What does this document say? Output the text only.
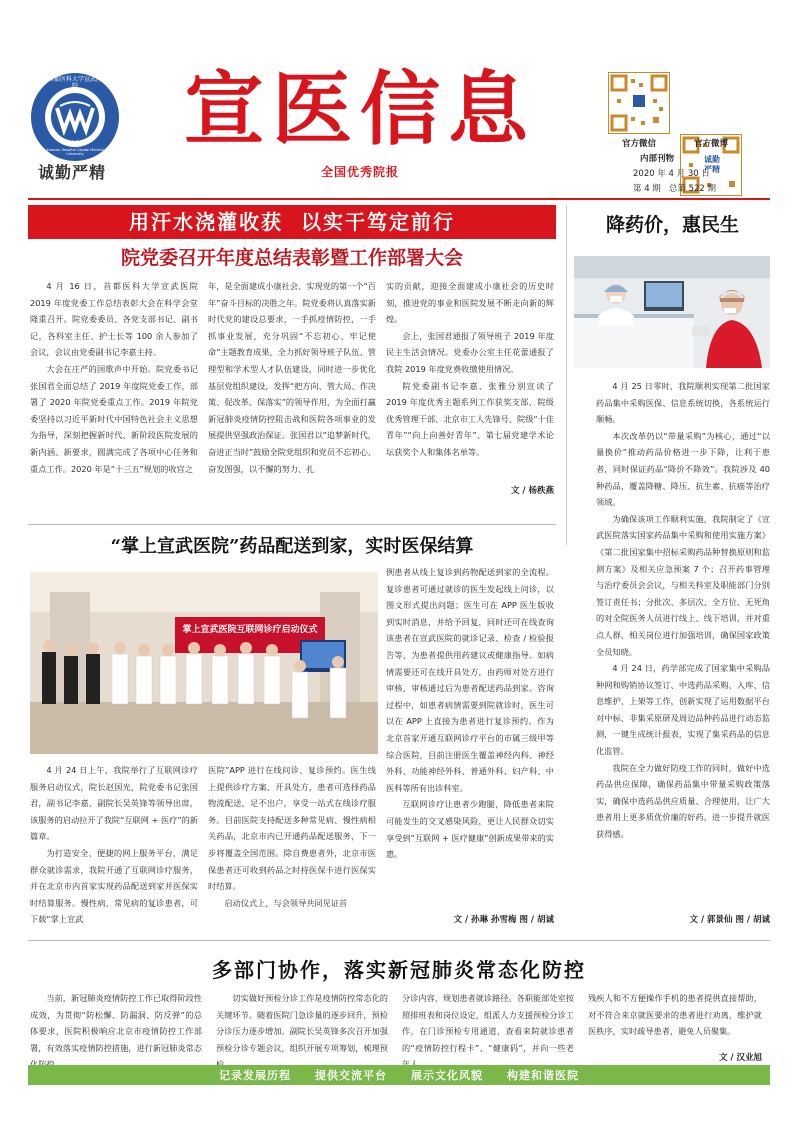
首都医科大学宣武医院
Xuanwu Hospital Capital Medical University
1958
诚勤严精
宣医信息
全国优秀院报
诚勤严精
官方微信	官方微博
内部刊物
2020 年 4 月 30 日
第 4 期   总第 522 期
用汗水浇灌收获  以实干笃定前行
院党委召开年度总结表彰暨工作部署大会

4 月 16 日，首都医科大学宣武医院 2019 年度党委工作总结表彰大会在科学会堂隆重召开。院党委委员、各党支部书记、副书记，各科室主任、护士长等 100 余人参加了会议，会议由党委副书记李嘉主持。

大会在庄严的国歌声中开始。院党委书记张国君全面总结了 2019 年度院党委工作，部署了 2020 年院党委重点工作。2019 年院党委坚持以习近平新时代中国特色社会主义思想为指导，深刻把握新时代、新阶段医院发展的新内涵、新要求，圆满完成了各项中心任务和重点工作。2020 年是“十三五”规划的收官之

年，是全面建成小康社会、实现党的第一个“百年”奋斗目标的决胜之年。院党委将认真落实新时代党的建设总要求，一手抓疫情防控，一手抓事业发展，充分巩固“不忘初心、牢记使命”主题教育成果，全力抓好领导班子队伍、管理型和学术型人才队伍建设，同时进一步优化基层党组织建设，发挥“把方向、管大局、作决策、促改革、保落实”的领导作用，为全面打赢新冠肺炎疫情防控阻击战和医院各项事业的发展提供坚强政治保证。张国君以“追梦新时代，奋进正当时”鼓励全院党组织和党员不忘初心、奋发图强，以不懈的努力、扎

实的贡献，迎接全面建成小康社会的历史时刻，推进党的事业和医院发展不断走向新的辉煌。

会上，张国君通报了领导班子 2019 年度民主生活会情况。党委办公室主任花蕾通报了我院 2019 年度党费收缴使用情况。

院党委副书记李嘉、张雅分别宣读了 2019 年度优秀主题系列工作获奖支部、院级优秀管理干部、北京市工人先锋号、院级“十佳青年”“向上向善好青年”、第七届党建学术论坛获奖个人和集体名单等。

文 / 杨秩燕
降药价，惠民生

4 月 25 日零时，我院顺利实现第二批国家药品集中采购医保、信息系统切换，各系统运行顺畅。

本次改革仍以“带量采购”为核心，通过“以量换价”推动药品价格进一步下降，让利于患者，同时保证药品“降价不降效”。我院涉及 40 种药品，覆盖降糖、降压、抗生素、抗癌等治疗领域。

为确保该项工作顺利实施，我院制定了《宣武医院落实国家药品集中采购和使用实施方案》《第二批国家集中招标采购药品种替换原则和监测方案》及相关应急预案 7 个；召开药事管理与治疗委员会会议，与相关科室及职能部门分别签订责任书；分批次、多层次、全方位、无死角的对全院医务人员进行线上、线下培训，并对重点人群、相关岗位进行加强培训，确保国家政策全员知晓。

4 月 24 日，药学部完成了国家集中采购品种网和购销协议签订、中选药品采购、入库、信息维护、上架等工作，创新实现了运用数据平台对中标、非集采原研及周边品种药品进行动态监测，一键生成统计报表，实现了集采药品的信息化监管。

我院在全力做好防疫工作的同时，做好中选药品供应保障，确保药品集中带量采购政策落实，确保中选药品供应质量、合理使用，让广大患者用上更多质优价廉的好药，进一步提升就医获得感。

文 / 郭景仙 图 / 胡诚
“掌上宣武医院”药品配送到家，实时医保结算
掌上宣武医院互联网诊疗启动仪式

4 月 24 日上午，我院举行了互联网诊疗服务启动仪式，院长赵国光，院党委书记张国君，副书记李嘉、副院长吴英锋等领导出席，该服务的启动拉开了我院“互联网 + 医疗”的新篇章。

为打造安全、便捷的网上服务平台，满足群众就诊需求，我院开通了互联网诊疗服务，并在北京市内首家实现药品配送到家并医保实时结算服务。慢性病、常见病的复诊患者，可下载“掌上宣武

医院”APP 进行在线问诊、复诊预约。医生线上提供诊疗方案、开具处方，患者可选择药品物流配送，足不出户，享受一站式在线诊疗服务。目前医院支持配送多种常见病、慢性病相关药品，北京市内已开通药品配送服务，下一步将覆盖全国范围。除自费患者外，北京市医保患者还可收到药品之时持医保卡进行医保实时结算。

启动仪式上，与会领导共同见证首

例患者从线上复诊到药物配送到家的全流程。复诊患者可通过就诊的医生发起线上问诊，以图文形式提出问题；医生可在 APP 医生版收到实时消息，并给予回复，同时还可在线查询该患者在宣武医院的就诊记录、检查 / 检验报告等，为患者提供用药建议或健康指导。如病情需要还可在线开具处方，由药师对处方进行审核，审核通过后为患者配送药品到家。咨询过程中，如患者病情需要到院就诊时，医生可以在 APP 上直接为患者进行复诊预约。作为北京首家开通互联网诊疗平台的市属三级甲等综合医院，目前注册医生覆盖神经内科、神经外科、功能神经外科、普通外科、妇产科、中医科等所有出诊科室。

互联网诊疗让患者少跑腿，降低患者来院可能发生的交叉感染风险，更让人民群众切实享受到“互联网 + 医疗健康”创新成果带来的实惠。

文 / 孙琳 孙雪梅 图 / 胡诚
多部门协作，落实新冠肺炎常态化防控

当前，新冠肺炎疫情防控工作已取得阶段性成效，为贯彻“防松懈、防漏洞、防反弹”的总体要求，医院积极响应北京市疫情防控工作部署，有效落实疫情防控措施，进行新冠肺炎常态

切实做好预检分诊工作是疫情防控常态化的关键环节。随着医院门急诊量的逐步回升，预检分诊压力逐步增加。副院长吴英锋多次召开加强预检分诊专题会议，组织开展专项筹划，梳理预

分诊内容、规划患者就诊路径。各职能部处室按照排班表和岗位设定，组派人力支援预检分诊工作，在门诊预检专用通道，查看来院就诊患者的“疫情防控行程卡”、“健康码”，并向一些老

残疾人和不方便操作手机的患者提供直接帮助，对不符合来京就医要求的患者进行劝离，维护就医秩序，实时疏导患者，避免人员聚集。

文 / 汉业旭
记录发展历程 提供交流平台 展示文化风貌 构建和谐医院
